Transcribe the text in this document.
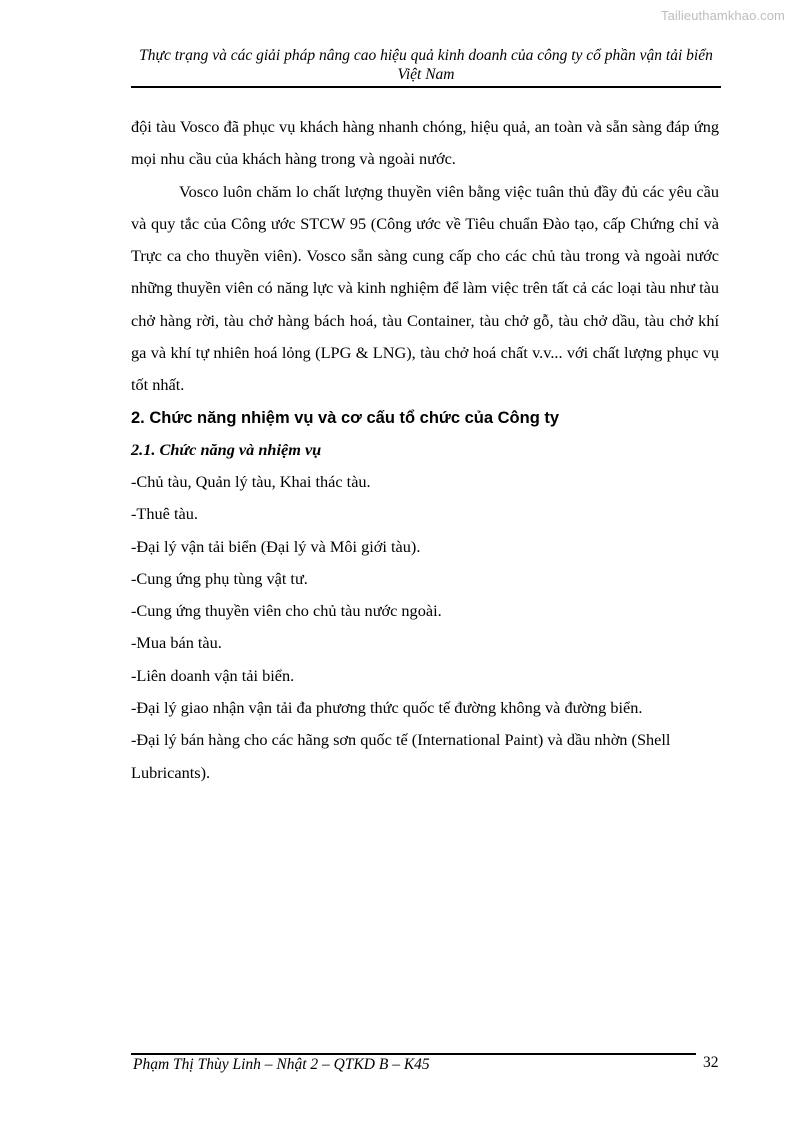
Tailieuthamkhao.com
Thực trạng và các giải pháp nâng cao hiệu quả kinh doanh của công ty cổ phần vận tải biển Việt Nam

đội tàu Vosco đã phục vụ khách hàng nhanh chóng, hiệu quả, an toàn và sẵn sàng đáp ứng mọi nhu cầu của khách hàng trong và ngoài nước.

Vosco luôn chăm lo chất lượng thuyền viên bằng việc tuân thủ đầy đủ các yêu cầu và quy tắc của Công ước STCW 95 (Công ước về Tiêu chuẩn Đào tạo, cấp Chứng chỉ và Trực ca cho thuyền viên). Vosco sẵn sàng cung cấp cho các chủ tàu trong và ngoài nước những thuyền viên có năng lực và kinh nghiệm để làm việc trên tất cả các loại tàu như tàu chở hàng rời, tàu chở hàng bách hoá, tàu Container, tàu chở gỗ, tàu chở dầu, tàu chở khí ga và khí tự nhiên hoá lỏng (LPG & LNG), tàu chở hoá chất v.v... với chất lượng phục vụ tốt nhất.

2. Chức năng nhiệm vụ và cơ cấu tổ chức của Công ty
2.1. Chức năng và nhiệm vụ

-Chủ tàu, Quản lý tàu, Khai thác tàu.

-Thuê tàu.

-Đại lý vận tải biển (Đại lý và Môi giới tàu).

-Cung ứng phụ tùng vật tư.

-Cung ứng thuyền viên cho chủ tàu nước ngoài.

-Mua bán tàu.

-Liên doanh vận tải biển.

-Đại lý giao nhận vận tải đa phương thức quốc tế đường không và đường biển.

-Đại lý bán hàng cho các hãng sơn quốc tế (International Paint) và dầu nhờn (Shell Lubricants).

Phạm Thị Thùy Linh – Nhật 2 – QTKD B – K45	32
